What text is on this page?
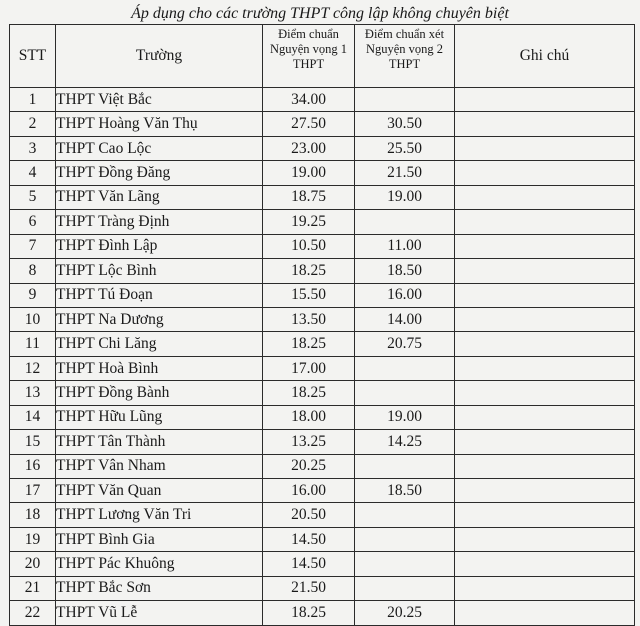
Áp dụng cho các trường THPT công lập không chuyên biệt
STT	Trường	Điểm chuẩn Nguyện vọng 1 THPT	Điểm chuẩn xét Nguyện vọng 2 THPT	Ghi chú
1	THPT Việt Bắc	34.00		
2	THPT Hoàng Văn Thụ	27.50	30.50	
3	THPT Cao Lộc	23.00	25.50	
4	THPT Đồng Đăng	19.00	21.50	
5	THPT Văn Lãng	18.75	19.00	
6	THPT Tràng Định	19.25		
7	THPT Đình Lập	10.50	11.00	
8	THPT Lộc Bình	18.25	18.50	
9	THPT Tú Đoạn	15.50	16.00	
10	THPT Na Dương	13.50	14.00	
11	THPT Chi Lăng	18.25	20.75	
12	THPT Hoà Bình	17.00		
13	THPT Đồng Bành	18.25		
14	THPT Hữu Lũng	18.00	19.00	
15	THPT Tân Thành	13.25	14.25	
16	THPT Vân Nham	20.25		
17	THPT Văn Quan	16.00	18.50	
18	THPT Lương Văn Tri	20.50		
19	THPT Bình Gia	14.50		
20	THPT Pác Khuông	14.50		
21	THPT Bắc Sơn	21.50		
22	THPT Vũ Lễ	18.25	20.25	
